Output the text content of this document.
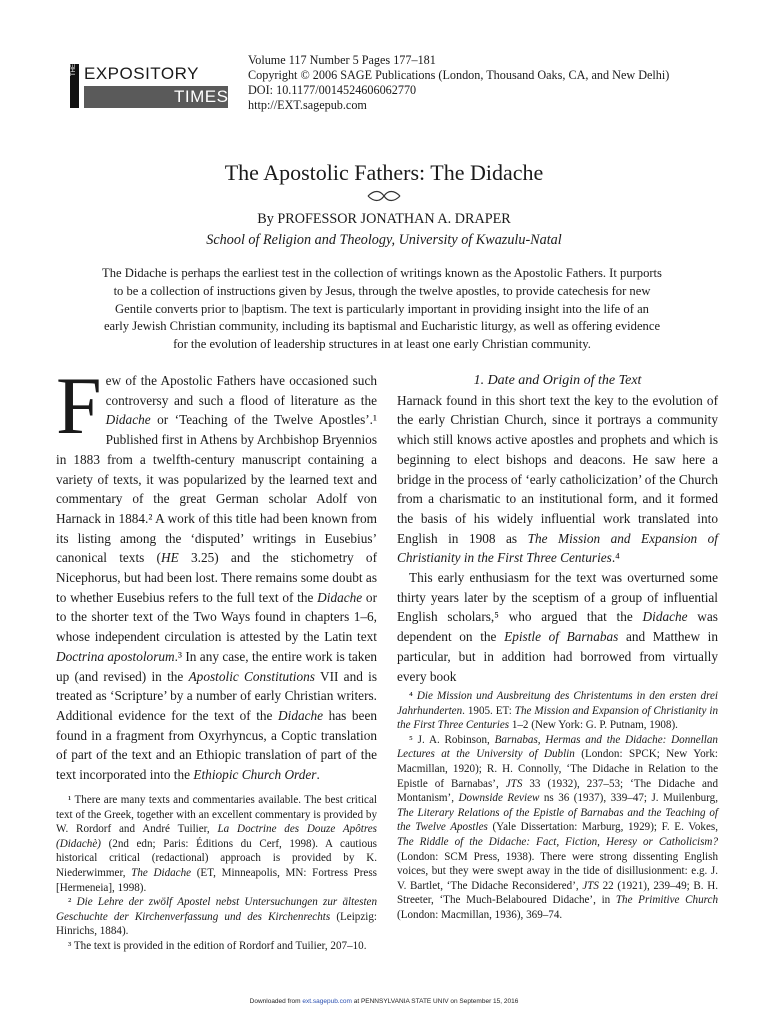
THE EXPOSITORY
TIMES
Volume 117 Number 5 Pages 177–181
Copyright © 2006 SAGE Publications (London, Thousand Oaks, CA, and New Delhi)
DOI: 10.1177/0014524606062770
http://EXT.sagepub.com
The Apostolic Fathers: The Didache
By PROFESSOR JONATHAN A. DRAPER
School of Religion and Theology, University of Kwazulu-Natal
The Didache is perhaps the earliest test in the collection of writings known as the Apostolic Fathers. It purports
to be a collection of instructions given by Jesus, through the twelve apostles, to provide catechesis for new
Gentile converts prior to |baptism. The text is particularly important in providing insight into the life of an
early Jewish Christian community, including its baptismal and Eucharistic liturgy, as well as offering evidence
for the evolution of leadership structures in at least one early Christian community.

Few of the Apostolic Fathers have occasioned such controversy and such a flood of literature as the Didache or ‘Teaching of the Twelve Apostles’.¹ Published first in Athens by Archbishop Bryennios in 1883 from a twelfth-century manuscript containing a variety of texts, it was popularized by the learned text and commentary of the great German scholar Adolf von Harnack in 1884.² A work of this title had been known from its listing among the ‘disputed’ writings in Eusebius’ canonical texts (HE 3.25) and the stichometry of Nicephorus, but had been lost. There remains some doubt as to whether Eusebius refers to the full text of the Didache or to the shorter text of the Two Ways found in chapters 1–6, whose independent circulation is attested by the Latin text Doctrina apostolorum.³ In any case, the entire work is taken up (and revised) in the Apostolic Constitutions VII and is treated as ‘Scripture’ by a number of early Christian writers. Additional evidence for the text of the Didache has been found in a fragment from Oxyrhyncus, a Coptic translation of part of the text and an Ethiopic translation of part of the text incorporated into the Ethiopic Church Order.

1. Date and Origin of the Text

Harnack found in this short text the key to the evolution of the early Christian Church, since it portrays a community which still knows active apostles and prophets and which is beginning to elect bishops and deacons. He saw here a bridge in the process of ‘early catholicization’ of the Church from a charismatic to an institutional form, and it formed the basis of his widely influential work translated into English in 1908 as The Mission and Expansion of Christianity in the First Three Centuries.⁴

This early enthusiasm for the text was overturned some thirty years later by the sceptism of a group of influential English scholars,⁵ who argued that the Didache was dependent on the Epistle of Barnabas and Matthew in particular, but in addition had borrowed from virtually every book

¹ There are many texts and commentaries available. The best critical text of the Greek, together with an excellent commentary is provided by W. Rordorf and André Tuilier, La Doctrine des Douze Apôtres (Didachè) (2nd edn; Paris: Éditions du Cerf, 1998). A cautious historical critical (redactional) approach is provided by K. Niederwimmer, The Didache (ET, Minneapolis, MN: Fortress Press [Hermeneia], 1998).

² Die Lehre der zwölf Apostel nebst Untersuchungen zur ältesten Geschuchte der Kirchenverfassung und des Kirchenrechts (Leipzig: Hinrichs, 1884).

³ The text is provided in the edition of Rordorf and Tuilier, 207–10.

⁴ Die Mission und Ausbreitung des Christentums in den ersten drei Jahrhunderten. 1905. ET: The Mission and Expansion of Christianity in the First Three Centuries 1–2 (New York: G. P. Putnam, 1908).

⁵ J. A. Robinson, Barnabas, Hermas and the Didache: Donnellan Lectures at the University of Dublin (London: SPCK; New York: Macmillan, 1920); R. H. Connolly, ‘The Didache in Relation to the Epistle of Barnabas’, JTS 33 (1932), 237–53; ‘The Didache and Montanism’, Downside Review ns 36 (1937), 339–47; J. Muilenburg, The Literary Relations of the Epistle of Barnabas and the Teaching of the Twelve Apostles (Yale Dissertation: Marburg, 1929); F. E. Vokes, The Riddle of the Didache: Fact, Fiction, Heresy or Catholicism? (London: SCM Press, 1938). There were strong dissenting English voices, but they were swept away in the tide of disillusionment: e.g. J. V. Bartlet, ‘The Didache Reconsidered’, JTS 22 (1921), 239–49; B. H. Streeter, ‘The Much-Belaboured Didache’, in The Primitive Church (London: Macmillan, 1936), 369–74.

Downloaded from ext.sagepub.com at PENNSYLVANIA STATE UNIV on September 15, 2016
